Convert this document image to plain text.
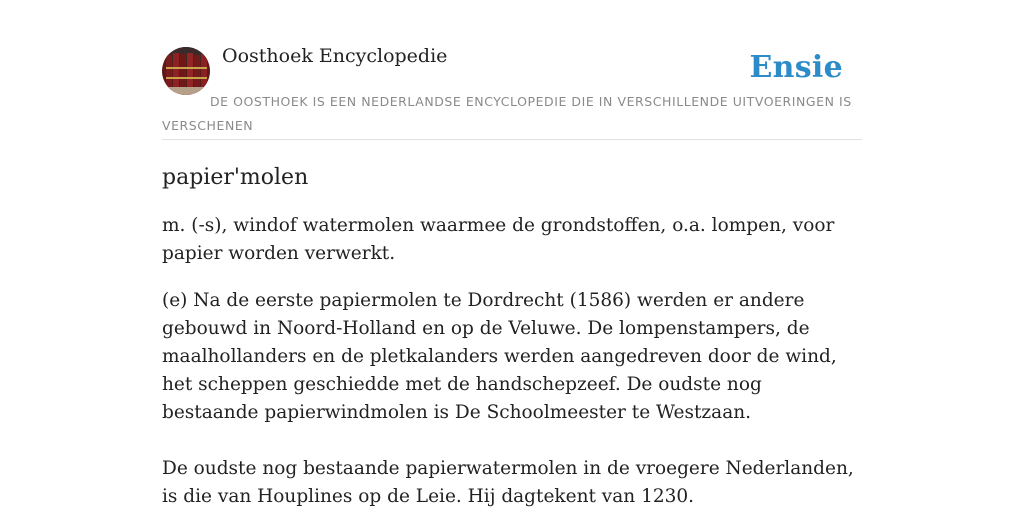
Oosthoek Encyclopedie	Ensie

DE OOSTHOEK IS EEN NEDERLANDSE ENCYCLOPEDIE DIE IN VERSCHILLENDE UITVOERINGEN IS VERSCHENEN

papier'molen

m. (-s), windof watermolen waarmee de grondstoffen, o.a. lompen, voor papier worden verwerkt.

(e) Na de eerste papiermolen te Dordrecht (1586) werden er andere gebouwd in Noord-Holland en op de Veluwe. De lompenstampers, de maalhollanders en de pletkalanders werden aangedreven door de wind, het scheppen geschiedde met de handschepzeef. De oudste nog bestaande papierwindmolen is De Schoolmeester te Westzaan.

De oudste nog bestaande papierwatermolen in de vroegere Nederlanden, is die van Houplines op de Leie. Hij dagtekent van 1230.
